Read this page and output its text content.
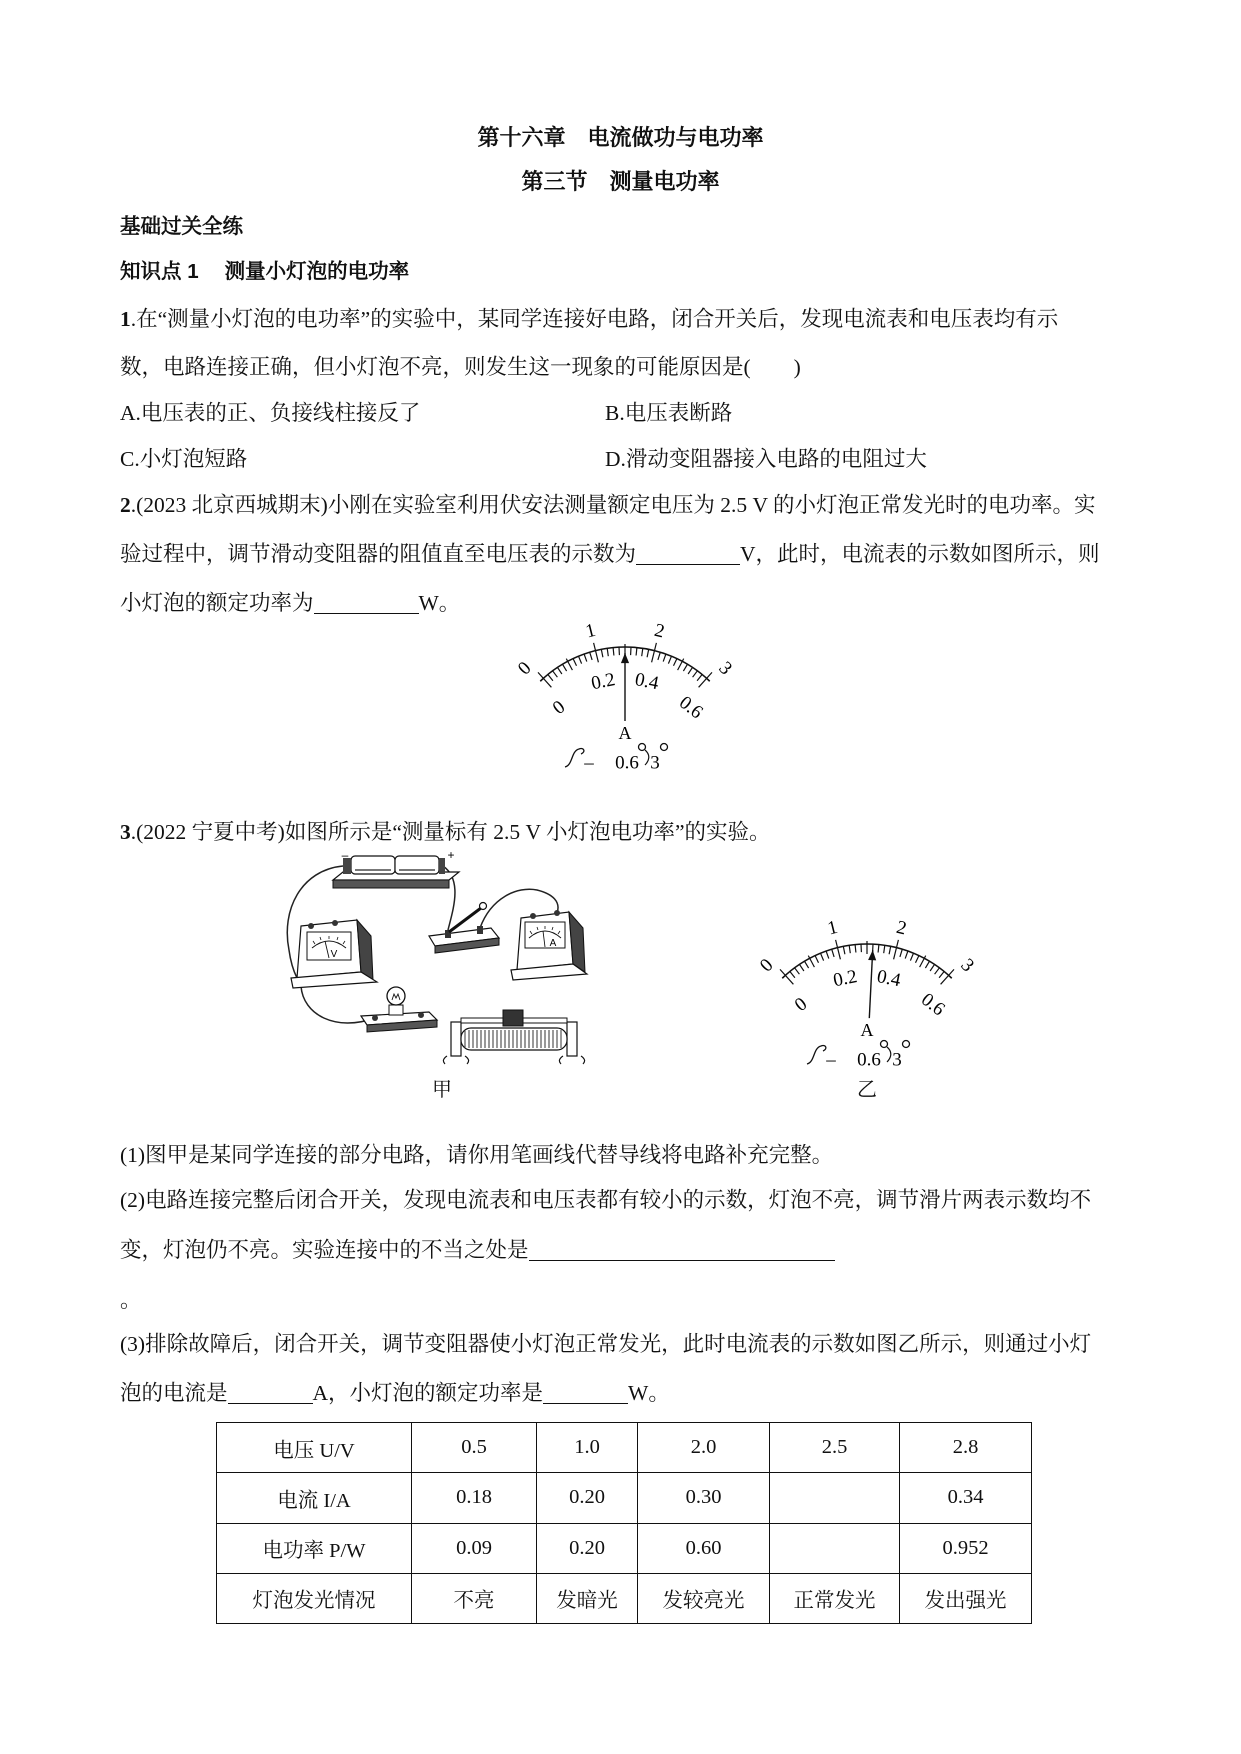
第十六章　电流做功与电功率
第三节　测量电功率
基础过关全练
知识点 1 测量小灯泡的电功率
1.在“测量小灯泡的电功率”的实验中，某同学连接好电路，闭合开关后，发现电流表和电压表均有示
数，电路连接正确，但小灯泡不亮，则发生这一现象的可能原因是(　　)
A.电压表的正、负接线柱接反了	B.电压表断路
C.小灯泡短路	D.滑动变阻器接入电路的电阻过大
2.(2023 北京西城期末)小刚在实验室利用伏安法测量额定电压为 2.5 V 的小灯泡正常发光时的电功率。实
验过程中，调节滑动变阻器的阻值直至电压表的示数为	V，此时，电流表的示数如图所示，则
小灯泡的额定功率为	W。
0
1	2
3
0
0.2 0.4
0.6
A
– 0.6 3
3.(2022 宁夏中考)如图所示是“测量标有 2.5 V 小灯泡电功率”的实验。
–	+
V
A
0
1	2
3
0
0.2 0.4
0.6
A
– 0.6 3
甲	乙
(1)图甲是某同学连接的部分电路，请你用笔画线代替导线将电路补充完整。
(2)电路连接完整后闭合开关，发现电流表和电压表都有较小的示数，灯泡不亮，调节滑片两表示数均不
变，灯泡仍不亮。实验连接中的不当之处是
。
(3)排除故障后，闭合开关，调节变阻器使小灯泡正常发光，此时电流表的示数如图乙所示，则通过小灯
泡的电流是	A，小灯泡的额定功率是	W。
电压 U/V	0.5	1.0	2.0	2.5	2.8
电流 I/A	0.18	0.20	0.30		0.34
电功率 P/W	0.09	0.20	0.60		0.952
灯泡发光情况	不亮	发暗光	发较亮光	正常发光	发出强光
